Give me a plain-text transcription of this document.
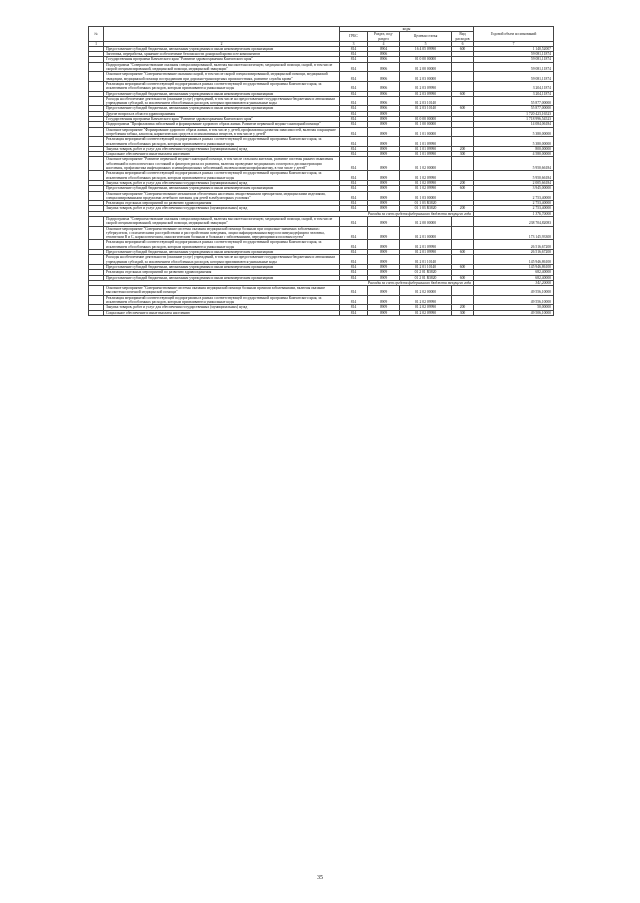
№		коды				Годовой объем ассигнований
		ГРБС	Раздел, под-раздел	Целевая статья	Вид расходов	
1	2	3	4	5	6	7
	Предоставление субсидий бюджетным, автономным учреждениям и иным некоммерческим организациям	814	0904	16 4 05 09990	600	1 140,52007
	Заготовка, переработка, хранение и обеспечение безопасности донорской крови и ее компонентов	814	0906			59 081,11874
	Государственная программа Камчатского края "Развитие здравоохранения Камчатского края"	814	0906	01 0 00 00000		59 081,11874
	Подпрограмма "Совершенствование оказания специализированной, включая высокотехнологичную, медицинской помощи, скорой, в том числе скорой специализированной, медицинской помощи, медицинской эвакуации"	814	0906	01 2 00 00000		59 081,11874
	Основное мероприятие "Совершенствование оказания скорой, в том числе скорой специализированной, медицинской помощи, медицинской эвакуации, медицинской помощи пострадавшим при дорожно-транспортных происшествиях, развитие службы крови"	814	0906	01 2 03 00000		59 081,11874
	Реализация мероприятий соответствующей подпрограммы в рамках соответствующей государственной программы Камчатского края, за исключением обособленных расходов, которым присваиваются уникальные коды	814	0906	01 2 03 09990		3 204,11874
	Предоставление субсидий бюджетным, автономным учреждениям и иным некоммерческим организациям	814	0906	01 2 03 09990	600	3 204,11874
	Расходы на обеспечение деятельности (оказание услуг) учреждений, в том числе на предоставление государственным бюджетным и автономным учреждениям субсидий, за исключением обособленных расходов, которым присваиваются уникальные коды	814	0906	01 2 03 10140		55 877,00000
	Предоставление субсидий бюджетным, автономным учреждениям и иным некоммерческим организациям	814	0906	01 2 03 10140	600	55 877,00000
	Другие вопросы в области здравоохранения	814	0909			1 720 423,16523
	Государственная программа Камчатского края "Развитие здравоохранения Камчатского края"	814	0909	01 0 00 00000		1 718 996,54523
	Подпрограмма "Профилактика заболеваний и формирование здорового образа жизни. Развитие первичной медико-санитарной помощи"	814	0909	01 1 00 00000		14 084,06184
	Основное мероприятие "Формирование здорового образа жизни, в том числе у детей, профилактика развития зависимостей, включая сокращение потребления табака, алкоголя, наркотических средств и психоактивных веществ, в том числе у детей"	814	0909	01 1 01 00000		5 380,00000
	Реализация мероприятий соответствующей подпрограммы в рамках соответствующей государственной программы Камчатского края, за исключением обособленных расходов, которым присваиваются уникальные коды	814	0909	01 1 01 09990		5 380,00000
	Закупка товаров, работ и услуг для обеспечения государственных (муниципальных) нужд	814	0909	01 1 01 09990	200	800,00000
	Социальное обеспечение и иные выплаты населению	814	0909	01 1 01 09990	300	4 580,00000
	Основное мероприятие "Развитие первичной медико-санитарной помощи, в том числе сельским жителям, развитие системы раннего выявления заболеваний и патологических состояний и факторов риска их развития, включая проведение медицинских осмотров и диспансеризации населения, профилактика инфекционных и неинфекционных заболеваний, включая иммунопрофилактику, в том числе у детей"	814	0909	01 1 02 00000		5 950,66184
	Реализация мероприятий соответствующей подпрограммы в рамках соответствующей государственной программы Камчатского края, за исключением обособленных расходов, которым присваиваются уникальные коды	814	0909	01 1 02 09990		5 950,66184
	Закупка товаров, работ и услуг для обеспечения государственных (муниципальных) нужд	814	0909	01 1 02 09990	200	2 005,66184
	Предоставление субсидий бюджетным, автономным учреждениям и иным некоммерческим организациям	814	0909	01 1 02 09990	600	3 945,00000
	Основное мероприятие "Совершенствование механизмов обеспечения населения лекарственными препаратами, медицинскими изделиями, специализированными продуктами лечебного питания для детей в амбулаторных условиях"	814	0909	01 1 03 00000		2 753,40000
	Реализация отдельных мероприятий по развитию здравоохранения	814	0909	01 1 03 R3820		2 753,40000
	Закупка товаров, работ и услуг для обеспечения государственных (муниципальных) нужд	814	0909	01 1 03 R3820	200	2 753,40000
	Расходы за счет средств федерального бюджета текущего года					1 376,70000
	Подпрограмма "Совершенствование оказания специализированной, включая высокотехнологичную, медицинской помощи, скорой, в том числе скорой специализированной, медицинской помощи, медицинской эвакуации"	814	0909	01 2 00 00000		238 704,82083
	Основное мероприятие "Совершенствование системы оказания медицинской помощи больным при социально-значимых заболеваниях: туберкулезом, с психическими расстройствами и расстройствами поведения, лицам инфицированным вирусом иммунодефицита человека, гепатитами В и С, наркологическим, онкологическим больным и больным с заболеваниями, передающимися половым путем"	814	0909	01 2 01 00000		173 145,93300
	Реализация мероприятий соответствующей подпрограммы в рамках соответствующей государственной программы Камчатского края, за исключением обособленных расходов, которым присваиваются уникальные коды	814	0909	01 2 01 09990		26 516,67200
	Предоставление субсидий бюджетным, автономным учреждениям и иным некоммерческим организациям	814	0909	01 2 01 09990	600	26 516,67200
	Расходы на обеспечение деятельности (оказание услуг) учреждений, в том числе на предоставление государственным бюджетным и автономным учреждениям субсидий, за исключением обособленных расходов, которым присваиваются уникальные коды	814	0909	01 2 01 10140		145 946,86100
	Предоставление субсидий бюджетным, автономным учреждениям и иным некоммерческим организациям	814	0909	01 2 01 10140	600	145 946,86100
	Реализация отдельных мероприятий по развитию здравоохранения	814	0909	01 2 01 R3820		682,40000
	Предоставление субсидий бюджетным, автономным учреждениям и иным некоммерческим организациям	814	0909	01 2 01 R3820	600	682,40000
	Расходы за счет средств федерального бюджета текущего года					341,20000
	Основное мероприятие "Совершенствование системы оказания медицинской помощи больным прочими заболеваниями, включая оказание высокотехнологичной медицинской помощи"	814	0909	01 2 02 00000		49 556,10000
	Реализация мероприятий соответствующей подпрограммы в рамках соответствующей государственной программы Камчатского края, за исключением обособленных расходов, которым присваиваются уникальные коды	814	0909	01 2 02 09990		49 556,10000
	Закупка товаров, работ и услуг для обеспечения государственных (муниципальных) нужд	814	0909	01 2 02 09990	200	50,00000
	Социальное обеспечение и иные выплаты населению	814	0909	01 2 02 09990	300	49 506,10000
35
